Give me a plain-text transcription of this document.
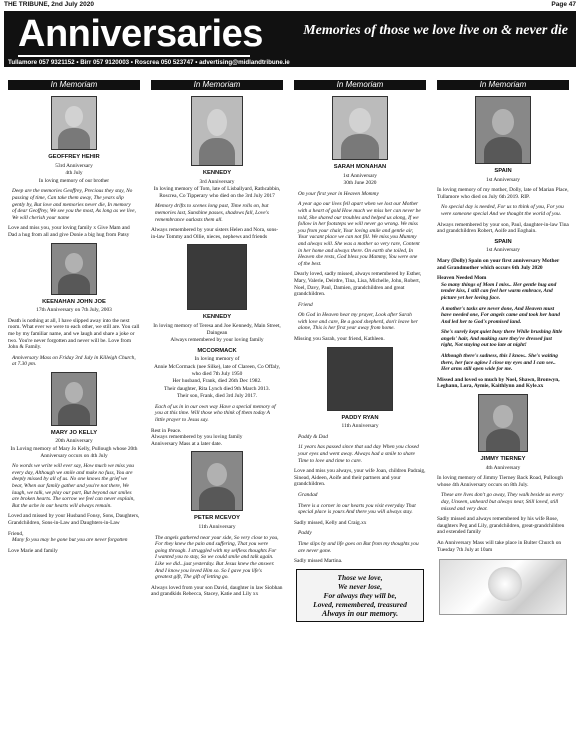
THE TRIBUNE, 2nd July 2020	Page 47
Anniversaries	Memories of those we love live on & never die
Tullamore 057 9321152 • Birr 057 9120003 • Roscrea 050 523747 • advertising@midlandtribune.ie
In Memoriam
GEOFFREY HEHIR
53rd Anniversary
4th July
In loving memory of our brother
Deep are the memories Geoffrey, Precious they stay, No passing of time, Can take them away, The years slip gently by, But love and memories never die, In memory of dear Geoffrey, We see you the most, As long as we live, We will cherish your name
Love and miss you, your loving family x Give Mam and Dad a hug from all and give Donie a big hug from Patsy
KEENAHAN JOHN JOE
17th Anniversary on 7th July, 2003
Death is nothing at all, I have slipped away into the next room. What ever we were to each other, we still are. You call me by my familiar name, and we laugh and share a joke or two. You're never forgotten and never will be. Love from John & Family.
Anniversary Mass on Friday 3rd July in Killeigh Church, at 7.30 pm.
MARY JO KELLY
20th Anniversary
In Loving memory of Mary Jo Kelly, Pullough whose 20th Anniversary occurs on 4th July
No words we write will ever say, How much we miss you every day, Although we smile and make no fuss, You are deeply missed by all of us. No one knows the grief we bear, When our family gather and you're not there, We laugh, we talk, we play our part, But beyond our smiles are broken hearts. The sorrow we feel can never explain, But the ache in our hearts will always remain.
Loved and missed by your Husband Fonsy, Sons, Daughters, Grandchildren, Sons-in-Law and Daughters-in-Law
Friend,
Many fo you may be gone but you are never forgotten
Love Marie and family
In Memoriam
KENNEDY
3rd Anniversary
In loving memory of Tom, late of Lisballyard, Rathcabbin, Roscrea, Co Tipperary who died on the 3rd July 2017
Memory drifts to scenes long past, Time rolls on, but memories last, Sunshine passes, shadows fall, Love's remembrance outlasts them all.
Always remembered by your sisters Helen and Nora, sons-in-law Tommy and Ollie, nieces, nephews and friends
KENNEDY
In loving memory of Teresa and Joe Kennedy, Main Street, Daingean
Always remembered by your loving family
MCCORMACK
In loving memory of
Annie McCormack (nee Silke), late of Clareen, Co Offaly, who died 7th July 1950
Her husband, Frank, died 26th Dec 1982.
Their daughter, Rita Lynch died 9th March 2013.
Their son, Frank, died 3rd July 2017.
Each of us in in our own way Have a special memory of you at this time. Will those who think of them today A little prayer to Jesus say.
Rest in Peace.
Always remembered by you loving family
Anniversary Mass at a later date.
PETER MCEVOY
11th Anniversary
The angels gathered near your side, So very close to you, For they knew the pain and suffering, That you were going through. I struggled with my selfless thoughts For I wanted you to stay, So we could smile and talk again. Like we did...just yesterday. But Jesus knew the answer. And I know you loved Him so. So I gave you life's greatest gift, The gift of letting go.
Always loved from your son David, daughter in law Siobhan and grandkids Rebecca, Stacey, Katie and Lily xx
In Memoriam
SARAH MONAHAN
1st Anniversary
30th June 2020
On your first year in Heaven Mommy
A year ago our lives fell apart when we lost our Mother with a heart of gold How much we miss her can never be told, She shared our troubles and helped us along, If we follow in her footsteps we will never go wrong. We miss you from your chair, Your loving smile and gentle air, Your vacant place we can not fill. We miss you Mummy and always will. She was a mother so very rare, Content in her home and always there. On earth she toiled, In Heaven she rests, God bless you Mammy, You were one of the best.
Dearly loved, sadly missed, always remembered by Esther, Mary, Valerie, Deirdre, Tina, Lisa, Michelle, John, Robert, Noel, Davy, Paul, Damien, grandchildren and great grandchildren.
Friend
Oh God in Heaven hear my prayer, Look after Sarah with love and care, Be a good shepherd, don't leave her alone, This is her first year away from home.
Missing you Sarah, your friend, Kathleen.
PADDY RYAN
11th Anniversary
Paddy & Dad
11 years has passed since that sad day When you closed your eyes and went away. Always had a smile to share Time to love and time to care.
Love and miss you always, your wife Joan, children Padraig, Sinead, Aideen, Aoife and their partners and your grandchildren.
Grandad
There is a corner in our hearts you visit everyday That special place is yours And there you will always stay.
Sadly missed, Kelly and Craig.xx
Paddy
Time slips by and life goes on But from my thoughts you are never gone.
Sadly missed Martina.
Those we love,
We never lose,
For always they will be,
Loved, remembered, treasured
Always in our memory.
In Memoriam
SPAIN
1st Anniversary
In loving memory of my mother, Dolly, late of Marian Place, Tullamore who died on July 6th 2019. RIP.
No special day is needed, For us to think of you, For you were someone special And we thought the world of you.
Always remembered by your son, Paul, daughter-in-law Tina and grandchildren Robert, Aoife and Eoghain.
SPAIN
1st Anniversary
Mary (Dolly) Spain on your first anniversary Mother and Grandmother which occurs 6th July 2020
Heaven Needed Mom
So many things of Mom I miss.. Her gentle hug and tender kiss, I still can feel her warm embrace, And picture yet her loving face.
A mother's tasks are never done, And Heaven must have needed one, For angels came and took her hand And led her to God's promised land.
She's surely kept quiet busy there While brushing little angels' hair, And making sure they're dressed just right, Not staying out too late at night!
Although there's sadness, this I know.. She's waiting there, her face aglow I close my eyes and I can see.. Her arms still open wide for me.
Missed and loved so much by Noel, Shawn, Bronwyn, Leghann, Lora, Aymie, Kaithlynn and Kyle.xx
JIMMY TIERNEY
4th Anniversary
In loving memory of Jimmy Tierney Back Road, Pullough whose 4th Anniversary occurs on 8th July.
These are lives don't go away, They walk beside us every day, Unseen, unheard but always near, Still loved, still missed and very dear.
Sadly missed and always remembered by his wife Rose, daughters Peg and Lily, grandchildren, great-grandchildren and extended family
An Anniversary Mass will take place in Bulter Church on Tuesday 7th July at 10am
